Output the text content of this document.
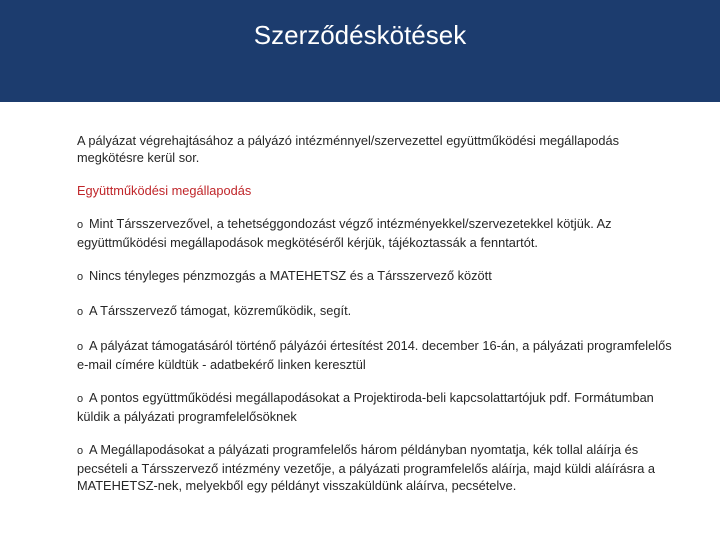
Szerződéskötések

A pályázat végrehajtásához a pályázó intézménnyel/szervezettel együttműködési megállapodás megkötésre kerül sor.

Együttműködési megállapodás

o Mint Társszervezővel, a tehetséggondozást végző intézményekkel/szervezetekkel kötjük. Az együttműködési megállapodások megkötéséről kérjük, tájékoztassák a fenntartót.

o Nincs tényleges pénzmozgás a MATEHETSZ és a Társszervező között

o A Társszervező támogat, közreműködik, segít.

o A pályázat támogatásáról történő pályázói értesítést 2014. december 16-án, a pályázati programfelelős e-mail címére küldtük - adatbekérő linken keresztül

o A pontos együttműködési megállapodásokat a Projektiroda-beli kapcsolattartójuk pdf. Formátumban küldik a pályázati programfelelősöknek

o A Megállapodásokat a pályázati programfelelős három példányban nyomtatja, kék tollal aláírja és pecsételi a Társszervező intézmény vezetője, a pályázati programfelelős aláírja, majd küldi aláírásra a MATEHETSZ-nek, melyekből egy példányt visszaküldünk aláírva, pecsételve.
